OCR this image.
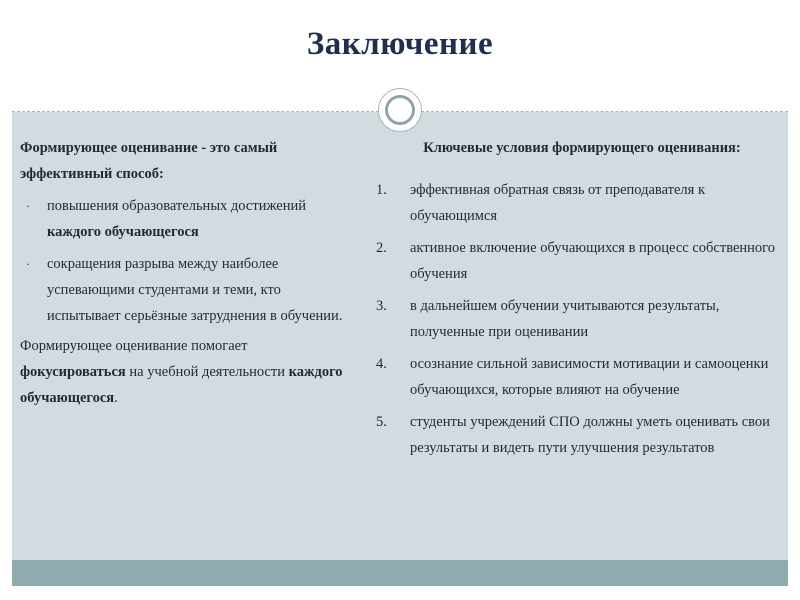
Заключение
Формирующее оценивание - это самый эффективный способ:
· повышения образовательных достижений каждого обучающегося
· сокращения разрыва между наиболее успевающими студентами и теми, кто испытывает серьёзные затруднения в обучении.
Формирующее оценивание помогает фокусироваться на учебной деятельности каждого обучающегося.
Ключевые условия формирующего оценивания:
1.	эффективная обратная связь от преподавателя к обучающимся
2.	активное включение обучающихся в процесс собственного обучения
3.	в дальнейшем обучении учитываются результаты, полученные при оценивании
4.	осознание сильной зависимости мотивации и самооценки обучающихся, которые влияют на обучение
5.	студенты учреждений СПО должны уметь оценивать свои результаты и видеть пути улучшения результатов
